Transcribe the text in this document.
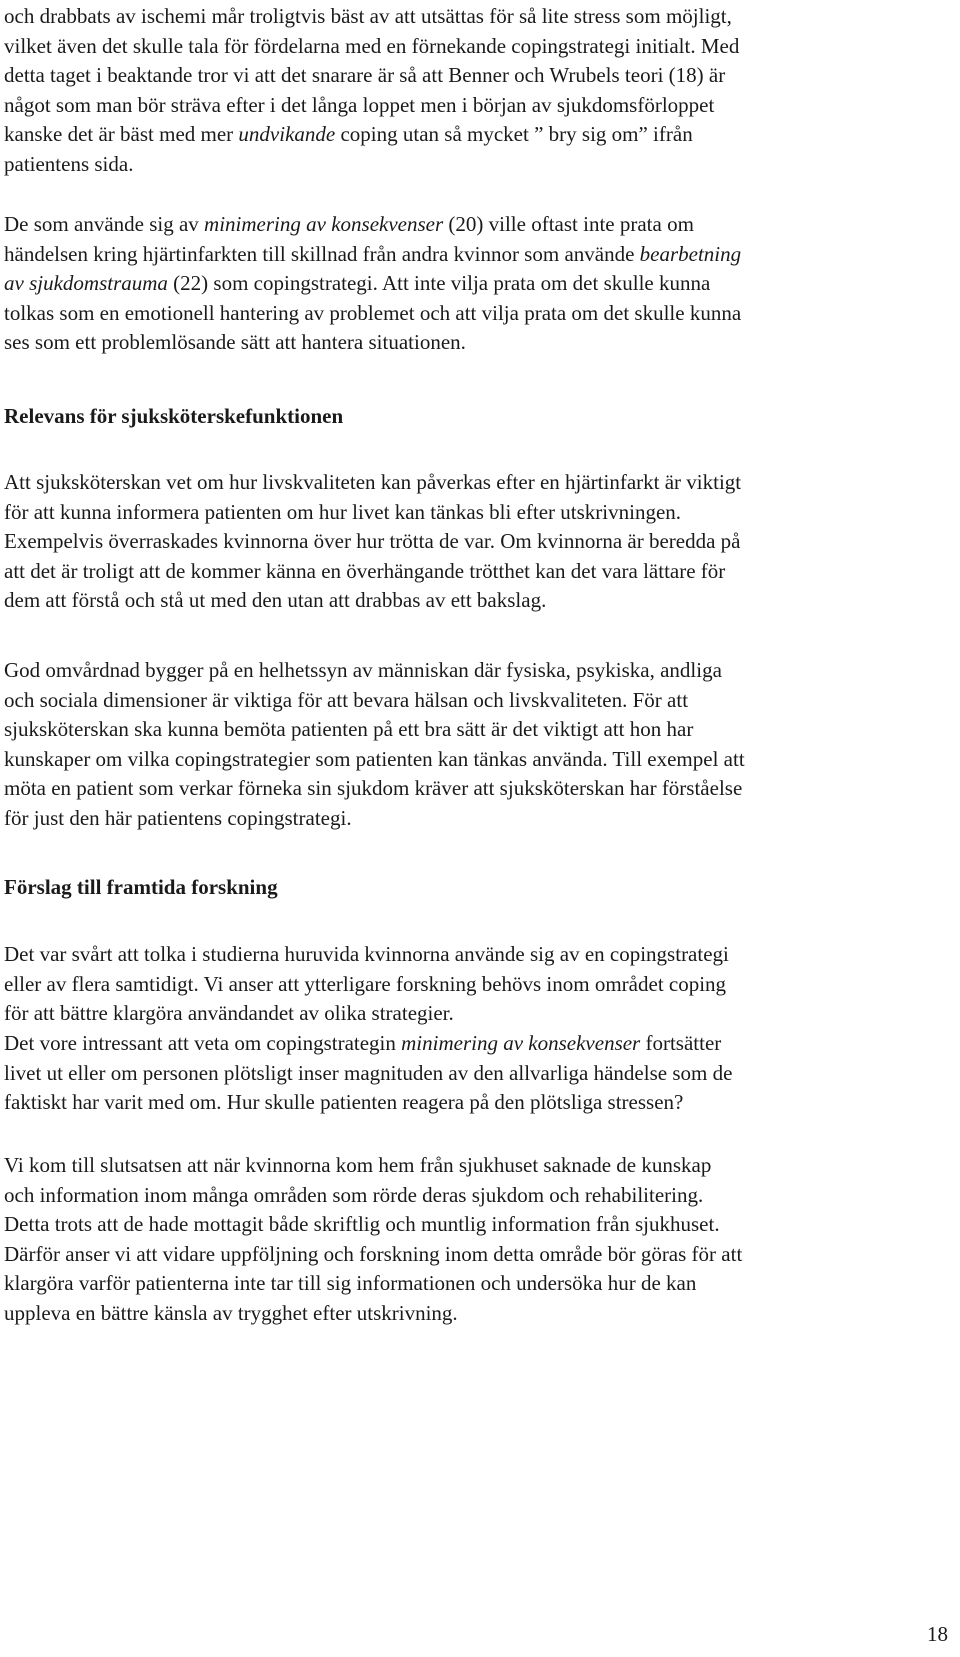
och drabbats av ischemi mår troligtvis bäst av att utsättas för så lite stress som möjligt,
vilket även det skulle tala för fördelarna med en förnekande copingstrategi initialt. Med
detta taget i beaktande tror vi att det snarare är så att Benner och Wrubels teori (18) är
något som man bör sträva efter i det långa loppet men i början av sjukdomsförloppet
kanske det är bäst med mer undvikande coping utan så mycket ” bry sig om” ifrån
patientens sida.
De som använde sig av minimering av konsekvenser (20) ville oftast inte prata om
händelsen kring hjärtinfarkten till skillnad från andra kvinnor som använde bearbetning
av sjukdomstrauma (22) som copingstrategi. Att inte vilja prata om det skulle kunna
tolkas som en emotionell hantering av problemet och att vilja prata om det skulle kunna
ses som ett problemlösande sätt att hantera situationen.
Relevans för sjuksköterskefunktionen
Att sjuksköterskan vet om hur livskvaliteten kan påverkas efter en hjärtinfarkt är viktigt
för att kunna informera patienten om hur livet kan tänkas bli efter utskrivningen.
Exempelvis överraskades kvinnorna över hur trötta de var. Om kvinnorna är beredda på
att det är troligt att de kommer känna en överhängande trötthet kan det vara lättare för
dem att förstå och stå ut med den utan att drabbas av ett bakslag.
God omvårdnad bygger på en helhetssyn av människan där fysiska, psykiska, andliga
och sociala dimensioner är viktiga för att bevara hälsan och livskvaliteten. För att
sjuksköterskan ska kunna bemöta patienten på ett bra sätt är det viktigt att hon har
kunskaper om vilka copingstrategier som patienten kan tänkas använda. Till exempel att
möta en patient som verkar förneka sin sjukdom kräver att sjuksköterskan har förståelse
för just den här patientens copingstrategi.
Förslag till framtida forskning
Det var svårt att tolka i studierna huruvida kvinnorna använde sig av en copingstrategi
eller av flera samtidigt. Vi anser att ytterligare forskning behövs inom området coping
för att bättre klargöra användandet av olika strategier.
Det vore intressant att veta om copingstrategin minimering av konsekvenser fortsätter
livet ut eller om personen plötsligt inser magnituden av den allvarliga händelse som de
faktiskt har varit med om. Hur skulle patienten reagera på den plötsliga stressen?
Vi kom till slutsatsen att när kvinnorna kom hem från sjukhuset saknade de kunskap
och information inom många områden som rörde deras sjukdom och rehabilitering.
Detta trots att de hade mottagit både skriftlig och muntlig information från sjukhuset.
Därför anser vi att vidare uppföljning och forskning inom detta område bör göras för att
klargöra varför patienterna inte tar till sig informationen och undersöka hur de kan
uppleva en bättre känsla av trygghet efter utskrivning.
18
